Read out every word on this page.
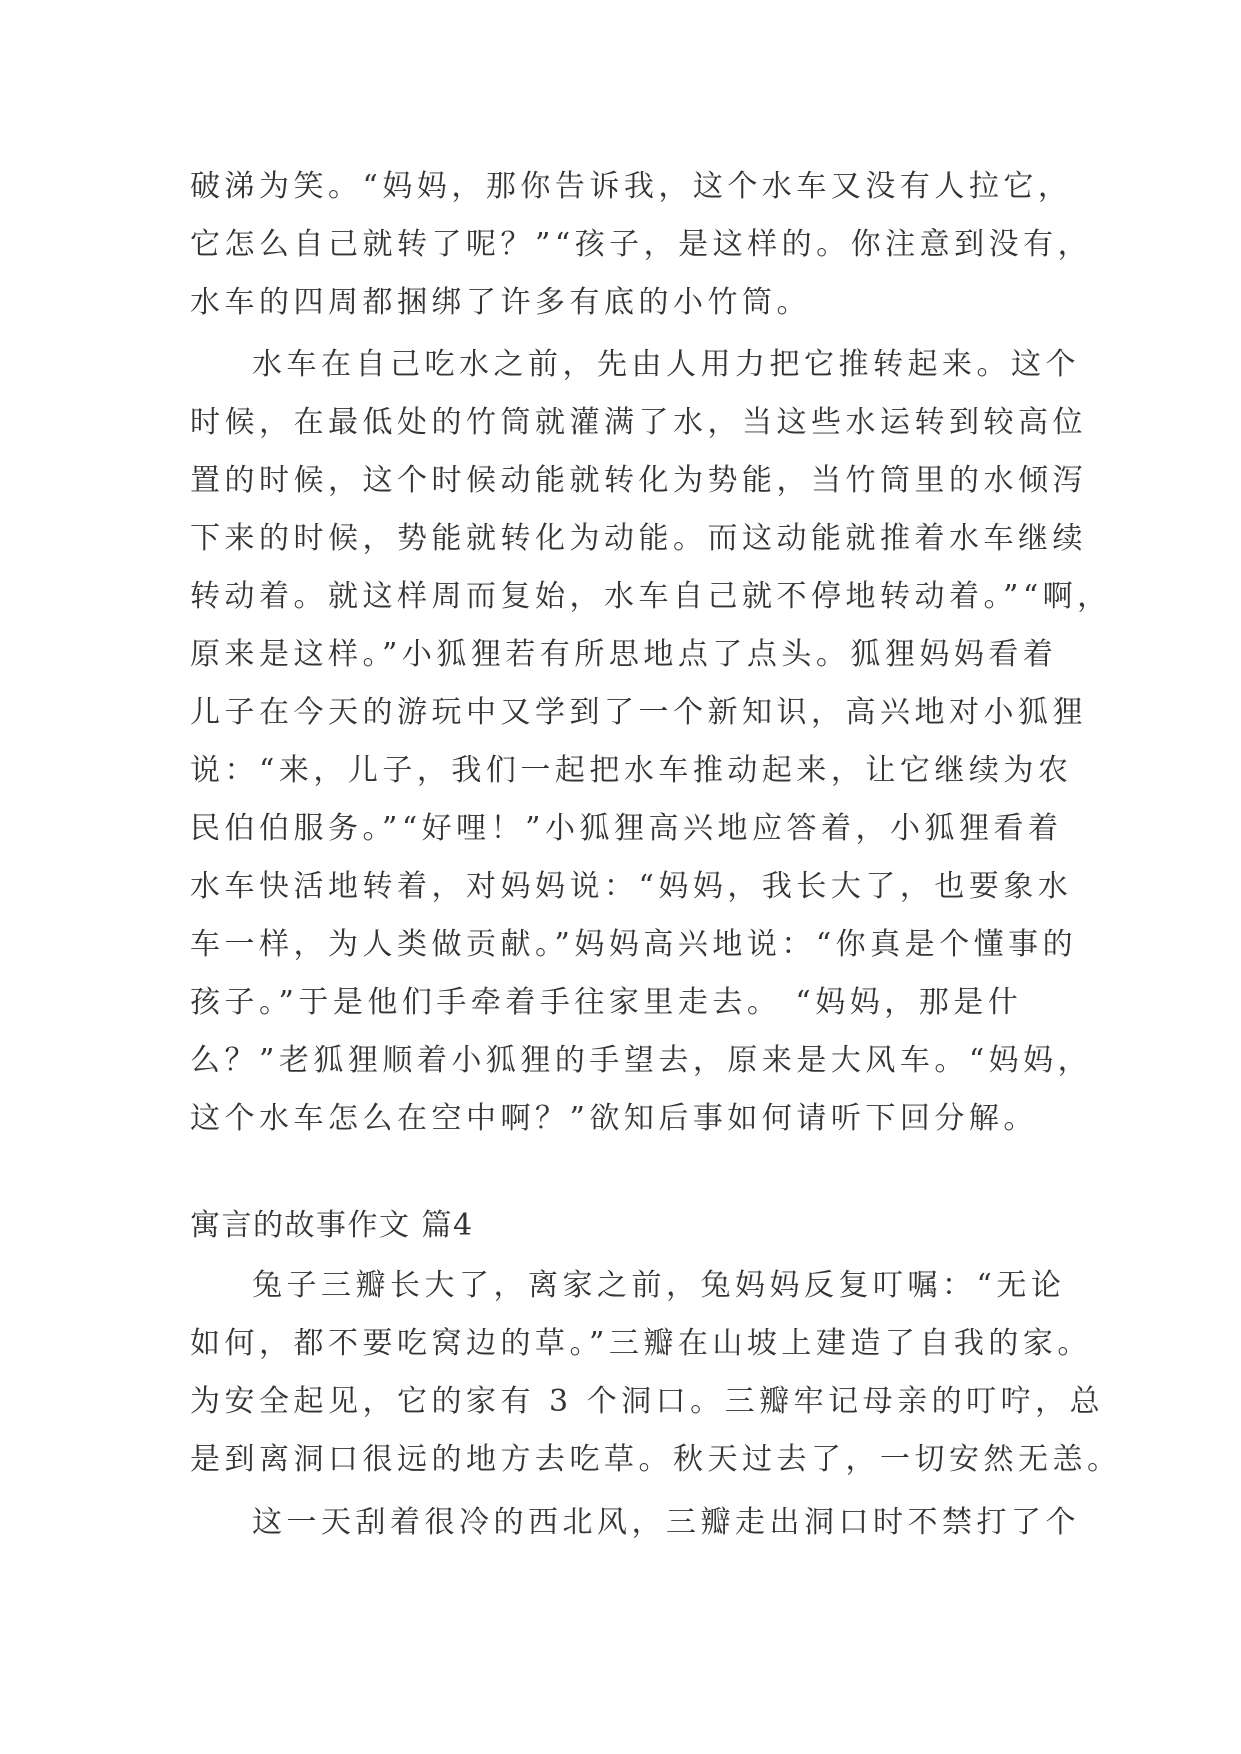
破涕为笑。“妈妈，那你告诉我，这个水车又没有人拉它，
它怎么自己就转了呢？”“孩子，是这样的。你注意到没有，
水车的四周都捆绑了许多有底的小竹筒。
水车在自己吃水之前，先由人用力把它推转起来。这个
时候，在最低处的竹筒就灌满了水，当这些水运转到较高位
置的时候，这个时候动能就转化为势能，当竹筒里的水倾泻
下来的时候，势能就转化为动能。而这动能就推着水车继续
转动着。就这样周而复始，水车自己就不停地转动着。”“啊，
原来是这样。”小狐狸若有所思地点了点头。狐狸妈妈看着
儿子在今天的游玩中又学到了一个新知识，高兴地对小狐狸
说：“来，儿子，我们一起把水车推动起来，让它继续为农
民伯伯服务。”“好哩！”小狐狸高兴地应答着，小狐狸看着
水车快活地转着，对妈妈说：“妈妈，我长大了，也要象水
车一样，为人类做贡献。”妈妈高兴地说：“你真是个懂事的
孩子。”于是他们手牵着手往家里走去。 “妈妈，那是什
么？”老狐狸顺着小狐狸的手望去，原来是大风车。“妈妈，
这个水车怎么在空中啊？”欲知后事如何请听下回分解。
寓言的故事作文 篇4
兔子三瓣长大了，离家之前，兔妈妈反复叮嘱：“无论
如何，都不要吃窝边的草。”三瓣在山坡上建造了自我的家。
为安全起见，它的家有 3 个洞口。三瓣牢记母亲的叮咛，总
是到离洞口很远的地方去吃草。秋天过去了，一切安然无恙。
这一天刮着很冷的西北风，三瓣走出洞口时不禁打了个
